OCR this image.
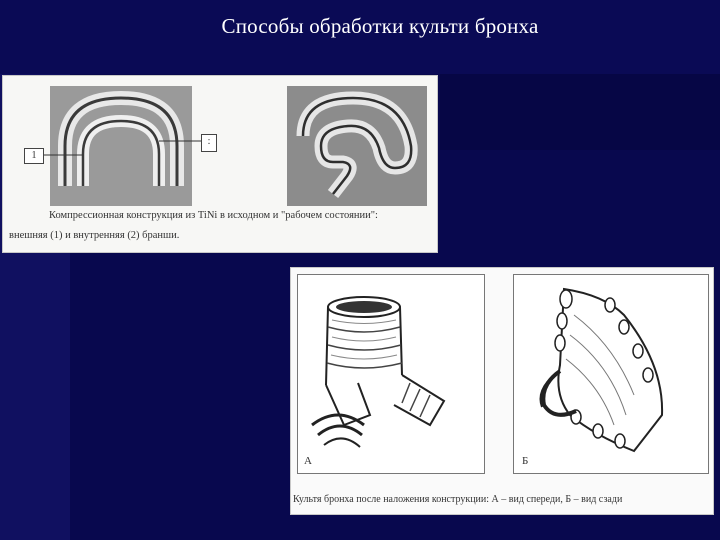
Способы обработки культи бронха
1
:
Компрессионная конструкция из TiNi в исходном и "рабочем состоянии":
внешняя (1) и внутренняя (2) бранши.
А	Б
Культя бронха после наложения конструкции: А – вид спереди, Б – вид сзади
